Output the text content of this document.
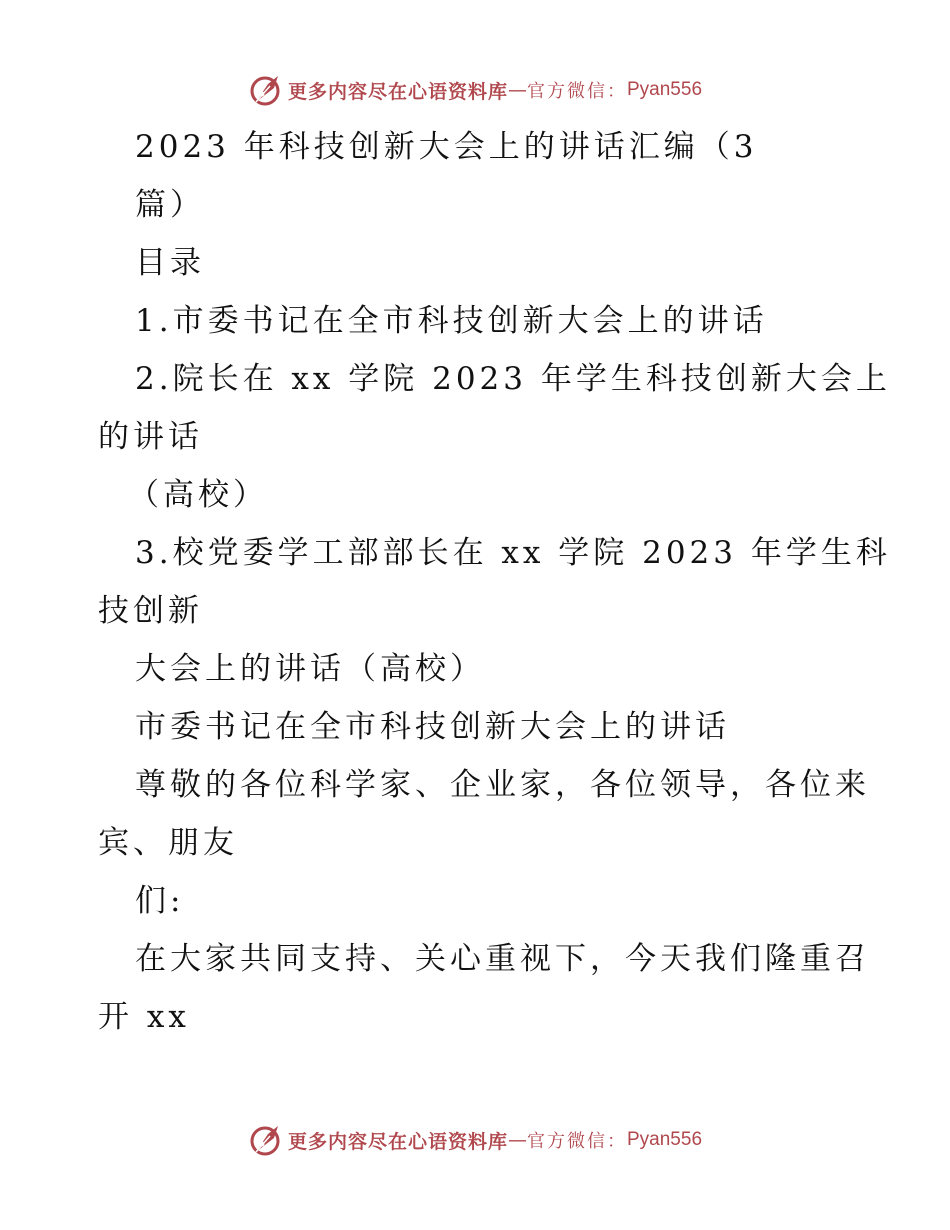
更多内容尽在心语资料库 — 官方微信： Pyan556
2023 年科技创新大会上的讲话汇编（3
篇）
目录
1.市委书记在全市科技创新大会上的讲话
2.院长在 xx 学院 2023 年学生科技创新大会上
的讲话
（高校）
3.校党委学工部部长在 xx 学院 2023 年学生科
技创新
大会上的讲话（高校）
市委书记在全市科技创新大会上的讲话
尊敬的各位科学家、企业家，各位领导，各位来
宾、朋友
们:
在大家共同支持、关心重视下，今天我们隆重召
开 xx
更多内容尽在心语资料库 — 官方微信： Pyan556
